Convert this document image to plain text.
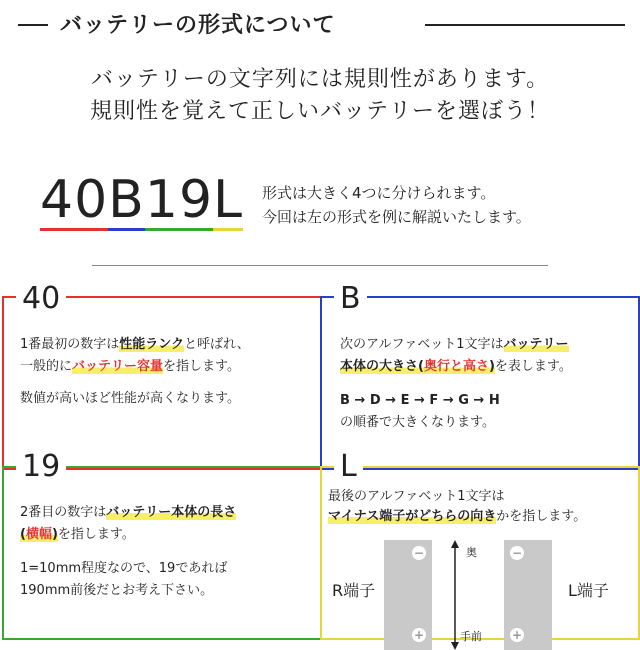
バッテリーの形式について
バッテリーの文字列には規則性があります。
規則性を覚えて正しいバッテリーを選ぼう！
40B19L 形式は大きく4つに分けられます。
今回は左の形式を例に解説いたします。
40
1番最初の数字は性能ランクと呼ばれ、
一般的にバッテリー容量を指します。
数値が高いほど性能が高くなります。
B
次のアルファベット1文字はバッテリー
本体の大きさ(奥行と高さ)を表します。
B → D → E → F → G → H
の順番で大きくなります。
19
2番目の数字はバッテリー本体の長さ
(横幅)を指します。
1=10mm程度なので、19であれば
190mm前後だとお考え下さい。
L
最後のアルファベット1文字は
マイナス端子がどちらの向きかを指します。
R端子
−
+
奥
手前
−
+
L端子
